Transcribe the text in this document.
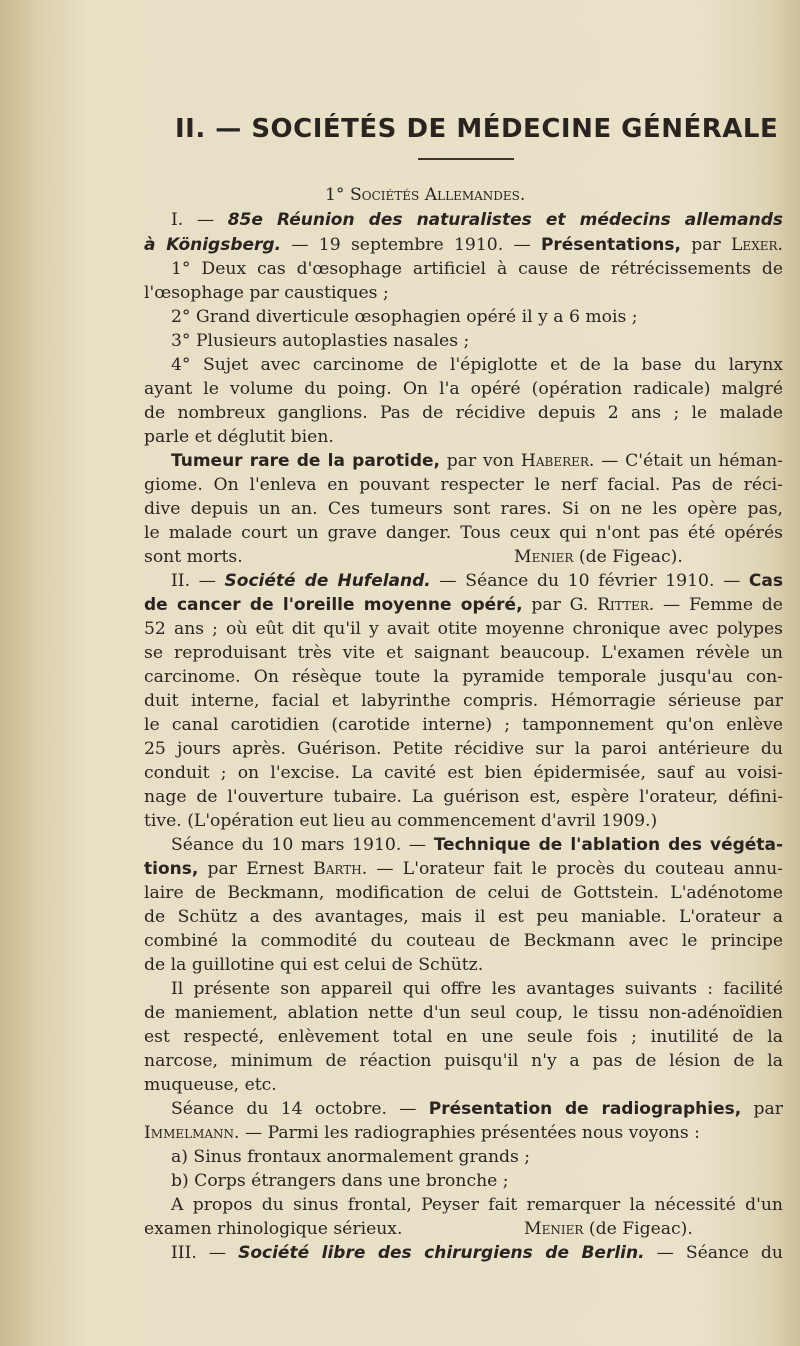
II. — SOCIÉTÉS DE MÉDECINE GÉNÉRALE
1° Sociétés Allemandes.
I. — 85e Réunion des naturalistes et médecins allemands
à Königsberg. — 19 septembre 1910. — Présentations, par Lexer.
1° Deux cas d'œsophage artificiel à cause de rétrécissements de
l'œsophage par caustiques ;
2° Grand diverticule œsophagien opéré il y a 6 mois ;
3° Plusieurs autoplasties nasales ;
4° Sujet avec carcinome de l'épiglotte et de la base du larynx
ayant le volume du poing. On l'a opéré (opération radicale) malgré
de nombreux ganglions. Pas de récidive depuis 2 ans ; le malade
parle et déglutit bien.
Tumeur rare de la parotide, par von Haberer. — C'était un héman-
giome. On l'enleva en pouvant respecter le nerf facial. Pas de réci-
dive depuis un an. Ces tumeurs sont rares. Si on ne les opère pas,
le malade court un grave danger. Tous ceux qui n'ont pas été opérés
sont morts.	Menier (de Figeac).
II. — Société de Hufeland. — Séance du 10 février 1910. — Cas
de cancer de l'oreille moyenne opéré, par G. Ritter. — Femme de
52 ans ; où eût dit qu'il y avait otite moyenne chronique avec polypes
se reproduisant très vite et saignant beaucoup. L'examen révèle un
carcinome. On résèque toute la pyramide temporale jusqu'au con-
duit interne, facial et labyrinthe compris. Hémorragie sérieuse par
le canal carotidien (carotide interne) ; tamponnement qu'on enlève
25 jours après. Guérison. Petite récidive sur la paroi antérieure du
conduit ; on l'excise. La cavité est bien épidermisée, sauf au voisi-
nage de l'ouverture tubaire. La guérison est, espère l'orateur, défini-
tive. (L'opération eut lieu au commencement d'avril 1909.)
Séance du 10 mars 1910. — Technique de l'ablation des végéta-
tions, par Ernest Barth. — L'orateur fait le procès du couteau annu-
laire de Beckmann, modification de celui de Gottstein. L'adénotome
de Schütz a des avantages, mais il est peu maniable. L'orateur a
combiné la commodité du couteau de Beckmann avec le principe
de la guillotine qui est celui de Schütz.
Il présente son appareil qui offre les avantages suivants : facilité
de maniement, ablation nette d'un seul coup, le tissu non-adénoïdien
est respecté, enlèvement total en une seule fois ; inutilité de la
narcose, minimum de réaction puisqu'il n'y a pas de lésion de la
muqueuse, etc.
Séance du 14 octobre. — Présentation de radiographies, par
Immelmann. — Parmi les radiographies présentées nous voyons :
a) Sinus frontaux anormalement grands ;
b) Corps étrangers dans une bronche ;
A propos du sinus frontal, Peyser fait remarquer la nécessité d'un
examen rhinologique sérieux.	Menier (de Figeac).
III. — Société libre des chirurgiens de Berlin. — Séance du
